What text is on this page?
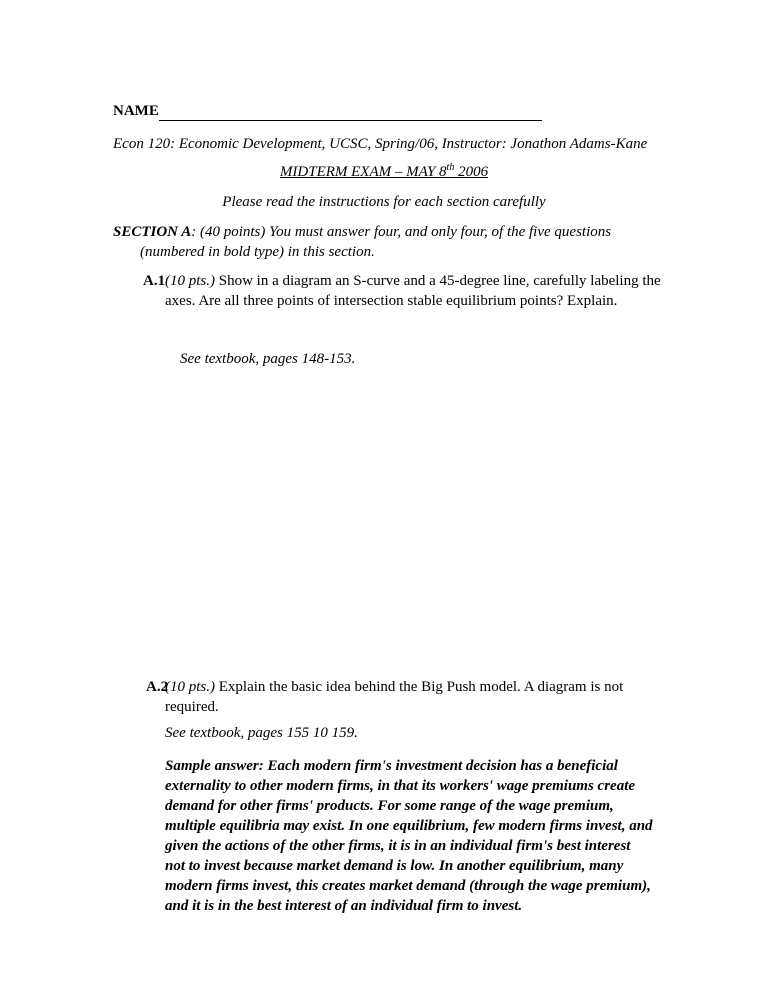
NAME
Econ 120: Economic Development, UCSC, Spring/06, Instructor: Jonathon Adams-Kane
MIDTERM EXAM – MAY 8th 2006
Please read the instructions for each section carefully
SECTION A: (40 points) You must answer four, and only four, of the five questions
(numbered in bold type) in this section.
A.1 (10 pts.) Show in a diagram an S-curve and a 45-degree line, carefully labeling the axes. Are all three points of intersection stable equilibrium points? Explain.
See textbook, pages 148-153.
A.2
(10 pts.) Explain the basic idea behind the Big Push model. A diagram is not required.
See textbook, pages 155 10 159.
Sample answer: Each modern firm's investment decision has a beneficial
externality to other modern firms, in that its workers' wage premiums create
demand for other firms' products. For some range of the wage premium,
multiple equilibria may exist. In one equilibrium, few modern firms invest, and
given the actions of the other firms, it is in an individual firm's best interest
not to invest because market demand is low. In another equilibrium, many
modern firms invest, this creates market demand (through the wage premium),
and it is in the best interest of an individual firm to invest.
